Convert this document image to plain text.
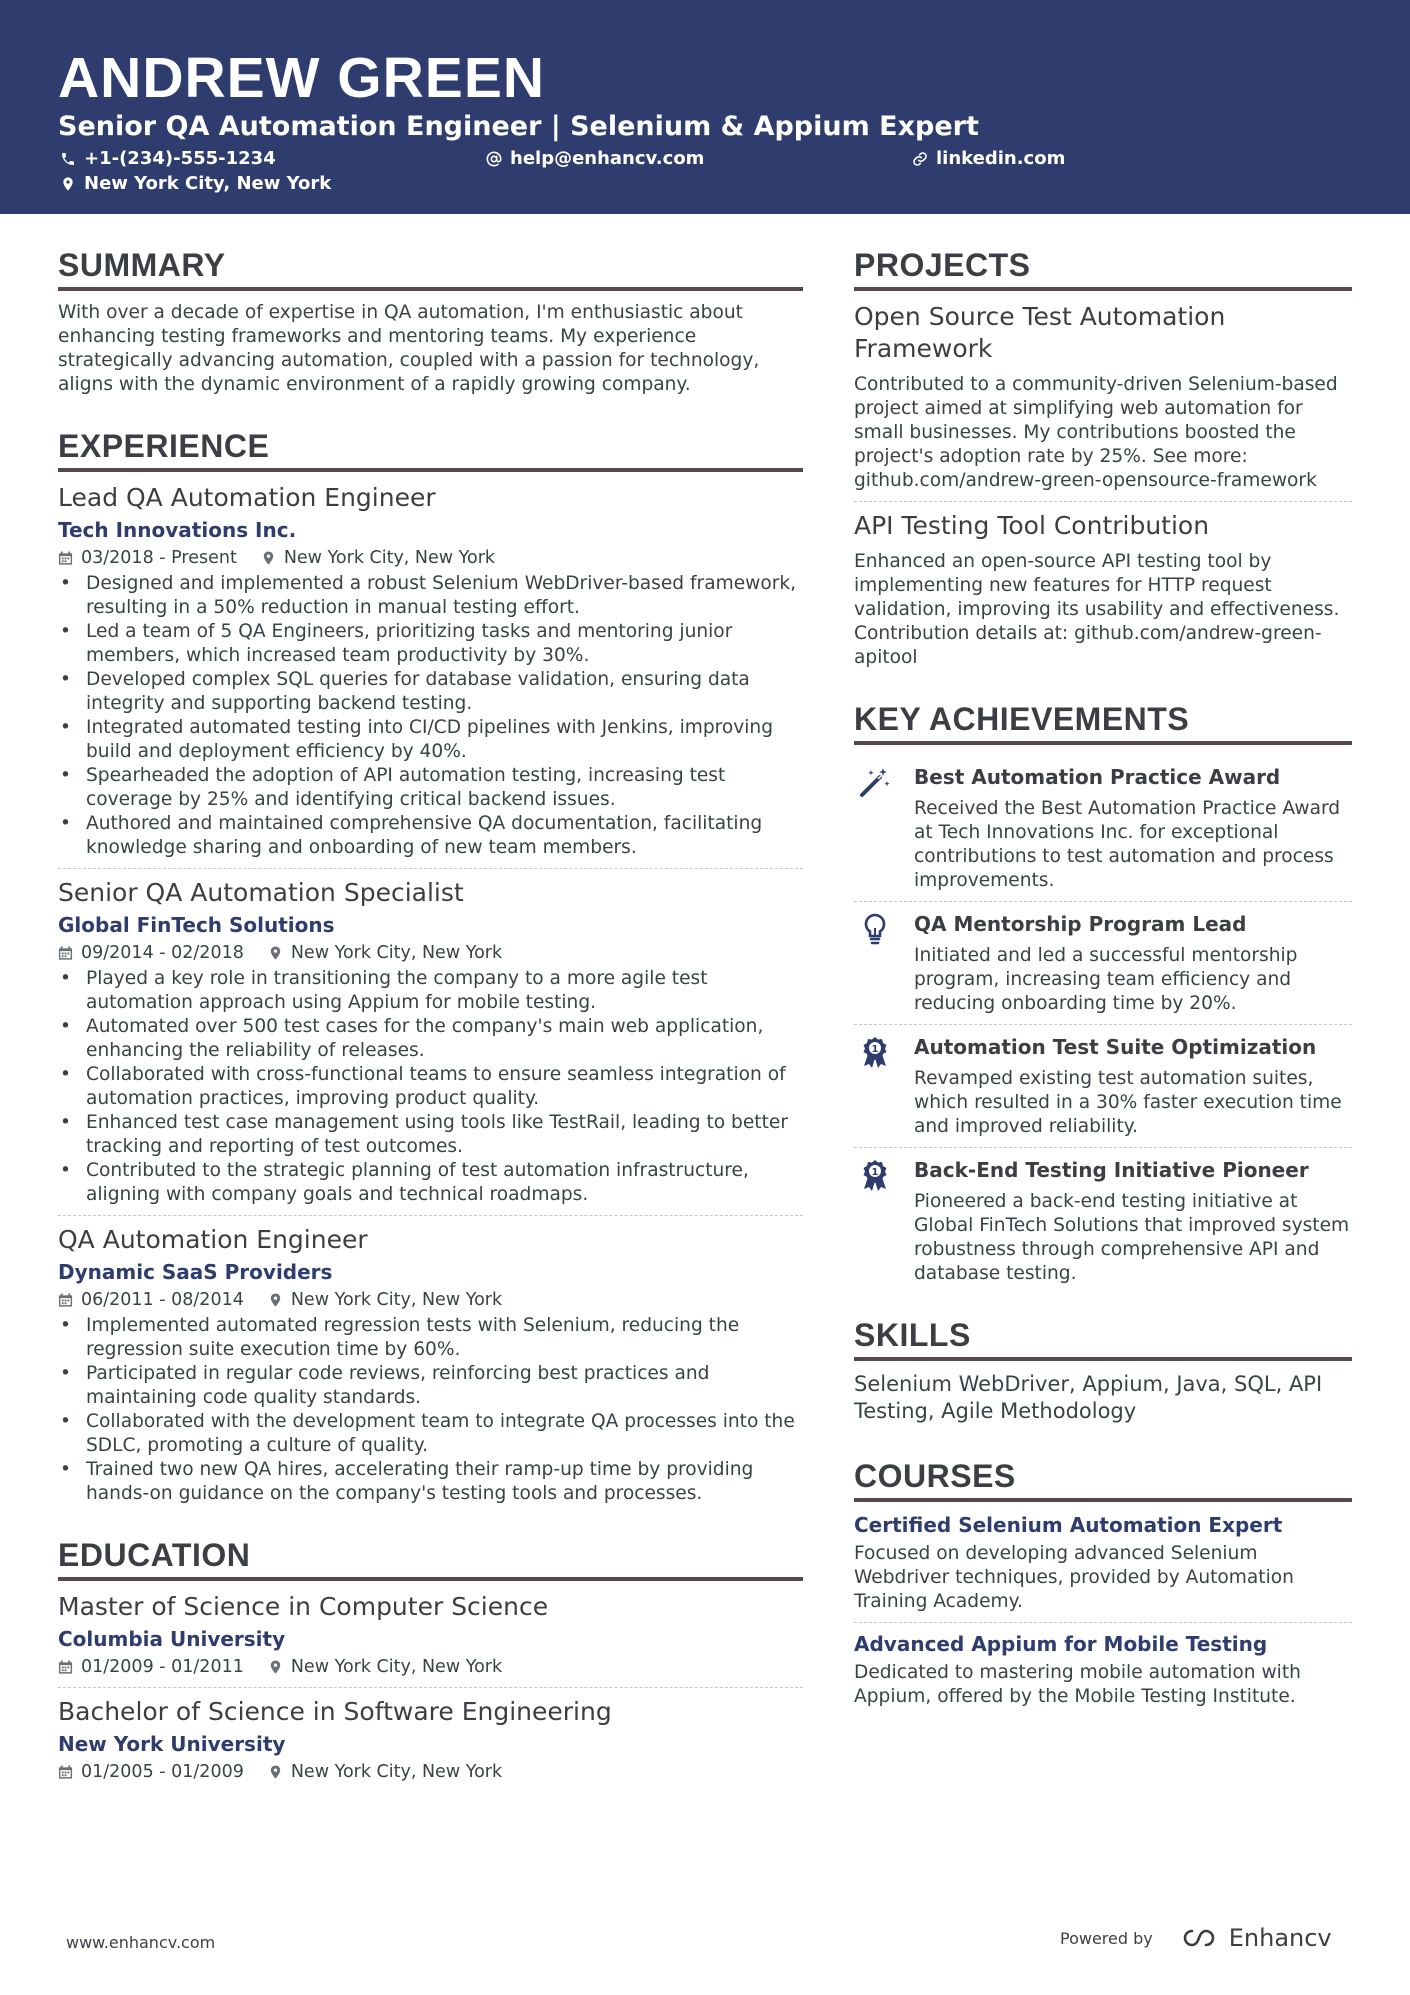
ANDREW GREEN
Senior QA Automation Engineer | Selenium & Appium Expert
+1-(234)-555-1234	help@enhancv.com	linkedin.com
New York City, New York
SUMMARY
With over a decade of expertise in QA automation, I'm enthusiastic about enhancing testing frameworks and mentoring teams. My experience strategically advancing automation, coupled with a passion for technology, aligns with the dynamic environment of a rapidly growing company.
EXPERIENCE
Lead QA Automation Engineer
Tech Innovations Inc.
03/2018 - Present	New York City, New York
• Designed and implemented a robust Selenium WebDriver-based framework, resulting in a 50% reduction in manual testing effort.
• Led a team of 5 QA Engineers, prioritizing tasks and mentoring junior members, which increased team productivity by 30%.
• Developed complex SQL queries for database validation, ensuring data integrity and supporting backend testing.
• Integrated automated testing into CI/CD pipelines with Jenkins, improving build and deployment efficiency by 40%.
• Spearheaded the adoption of API automation testing, increasing test coverage by 25% and identifying critical backend issues.
• Authored and maintained comprehensive QA documentation, facilitating knowledge sharing and onboarding of new team members.
Senior QA Automation Specialist
Global FinTech Solutions
09/2014 - 02/2018	New York City, New York
• Played a key role in transitioning the company to a more agile test automation approach using Appium for mobile testing.
• Automated over 500 test cases for the company's main web application, enhancing the reliability of releases.
• Collaborated with cross-functional teams to ensure seamless integration of automation practices, improving product quality.
• Enhanced test case management using tools like TestRail, leading to better tracking and reporting of test outcomes.
• Contributed to the strategic planning of test automation infrastructure, aligning with company goals and technical roadmaps.
QA Automation Engineer
Dynamic SaaS Providers
06/2011 - 08/2014	New York City, New York
• Implemented automated regression tests with Selenium, reducing the regression suite execution time by 60%.
• Participated in regular code reviews, reinforcing best practices and maintaining code quality standards.
• Collaborated with the development team to integrate QA processes into the SDLC, promoting a culture of quality.
• Trained two new QA hires, accelerating their ramp-up time by providing hands-on guidance on the company's testing tools and processes.
EDUCATION
Master of Science in Computer Science
Columbia University
01/2009 - 01/2011	New York City, New York
Bachelor of Science in Software Engineering
New York University
01/2005 - 01/2009	New York City, New York
PROJECTS
Open Source Test Automation Framework
Contributed to a community-driven Selenium-based project aimed at simplifying web automation for small businesses. My contributions boosted the project's adoption rate by 25%. See more: github.com/andrew-green-opensource-framework
API Testing Tool Contribution
Enhanced an open-source API testing tool by implementing new features for HTTP request validation, improving its usability and effectiveness. Contribution details at: github.com/andrew-green-apitool
KEY ACHIEVEMENTS
Best Automation Practice Award
Received the Best Automation Practice Award at Tech Innovations Inc. for exceptional contributions to test automation and process improvements.
QA Mentorship Program Lead
Initiated and led a successful mentorship program, increasing team efficiency and reducing onboarding time by 20%.
1 Automation Test Suite Optimization
Revamped existing test automation suites, which resulted in a 30% faster execution time and improved reliability.
1 Back-End Testing Initiative Pioneer
Pioneered a back-end testing initiative at Global FinTech Solutions that improved system robustness through comprehensive API and database testing.
SKILLS
Selenium WebDriver, Appium, Java, SQL, API Testing, Agile Methodology
COURSES
Certified Selenium Automation Expert
Focused on developing advanced Selenium Webdriver techniques, provided by Automation Training Academy.
Advanced Appium for Mobile Testing
Dedicated to mastering mobile automation with Appium, offered by the Mobile Testing Institute.
www.enhancv.com	Powered by	Enhancv
